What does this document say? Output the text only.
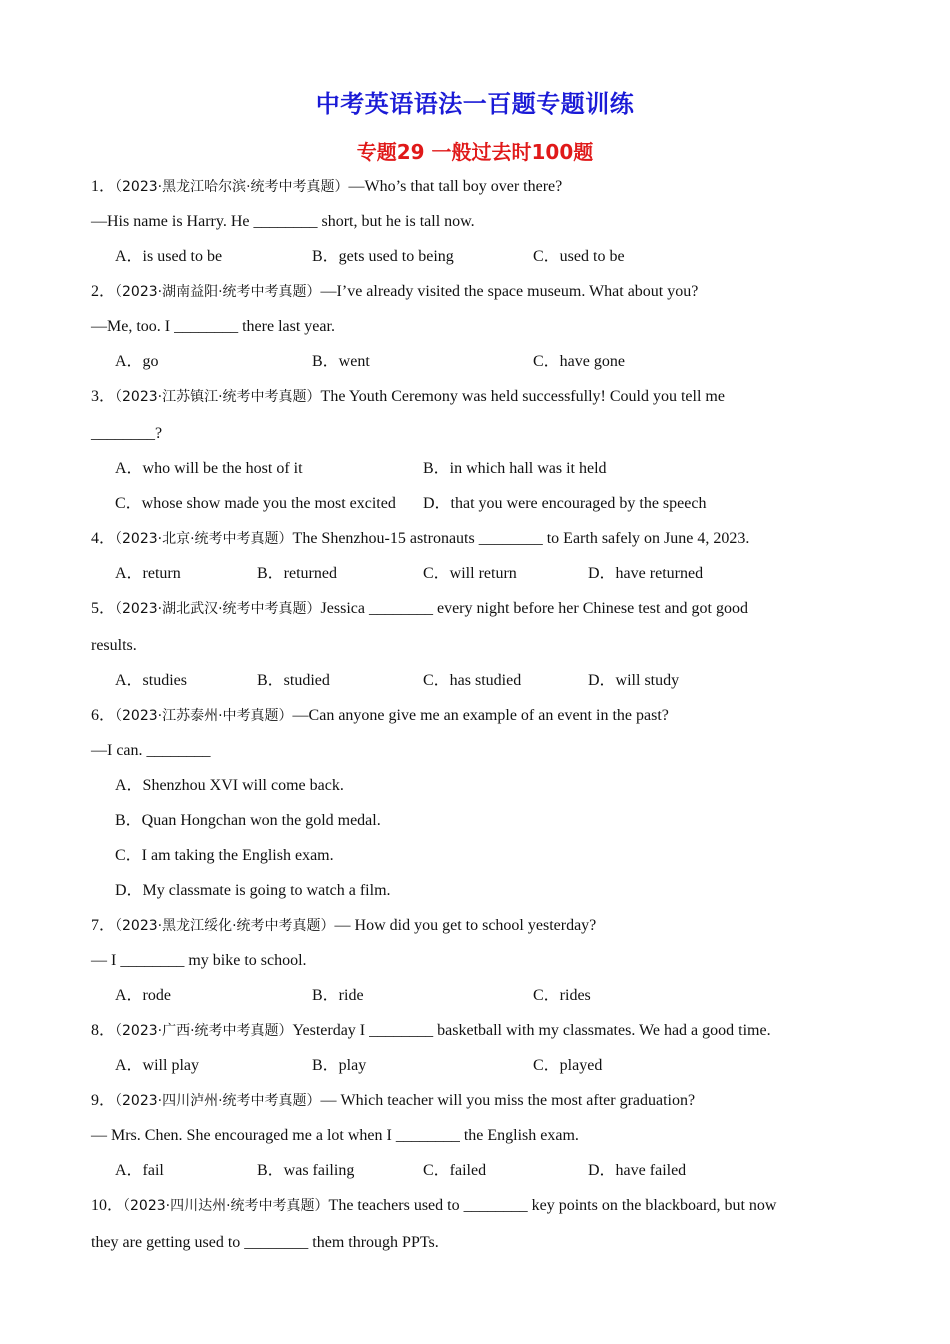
中考英语语法一百题专题训练
专题29 一般过去时100题
1．（2023·黑龙江哈尔滨·统考中考真题）—Who’s that tall boy over there?
—His name is Harry. He ________ short, but he is tall now.
A．is used to be	B．gets used to being	C．used to be
2．（2023·湖南益阳·统考中考真题）—I’ve already visited the space museum. What about you?
—Me, too. I ________ there last year.
A．go	B．went	C．have gone
3．（2023·江苏镇江·统考中考真题）The Youth Ceremony was held successfully! Could you tell me
________?
A．who will be the host of it	B．in which hall was it held
C．whose show made you the most excited D．that you were encouraged by the speech
4．（2023·北京·统考中考真题）The Shenzhou-15 astronauts ________ to Earth safely on June 4, 2023.
A．return	B．returned	C．will return	D．have returned
5．（2023·湖北武汉·统考中考真题）Jessica ________ every night before her Chinese test and got good
results.
A．studies	B．studied	C．has studied	D．will study
6．（2023·江苏泰州·中考真题）—Can anyone give me an example of an event in the past?
—I can. ________
A．Shenzhou XVI will come back.
B．Quan Hongchan won the gold medal.
C．I am taking the English exam.
D．My classmate is going to watch a film.
7．（2023·黑龙江绥化·统考中考真题）— How did you get to school yesterday?
— I ________ my bike to school.
A．rode	B．ride	C．rides
8．（2023·广西·统考中考真题）Yesterday I ________ basketball with my classmates. We had a good time.
A．will play	B．play	C．played
9．（2023·四川泸州·统考中考真题）— Which teacher will you miss the most after graduation?
— Mrs. Chen. She encouraged me a lot when I ________ the English exam.
A．fail	B．was failing	C．failed	D．have failed
10．（2023·四川达州·统考中考真题）The teachers used to ________ key points on the blackboard, but now
they are getting used to ________ them through PPTs.
